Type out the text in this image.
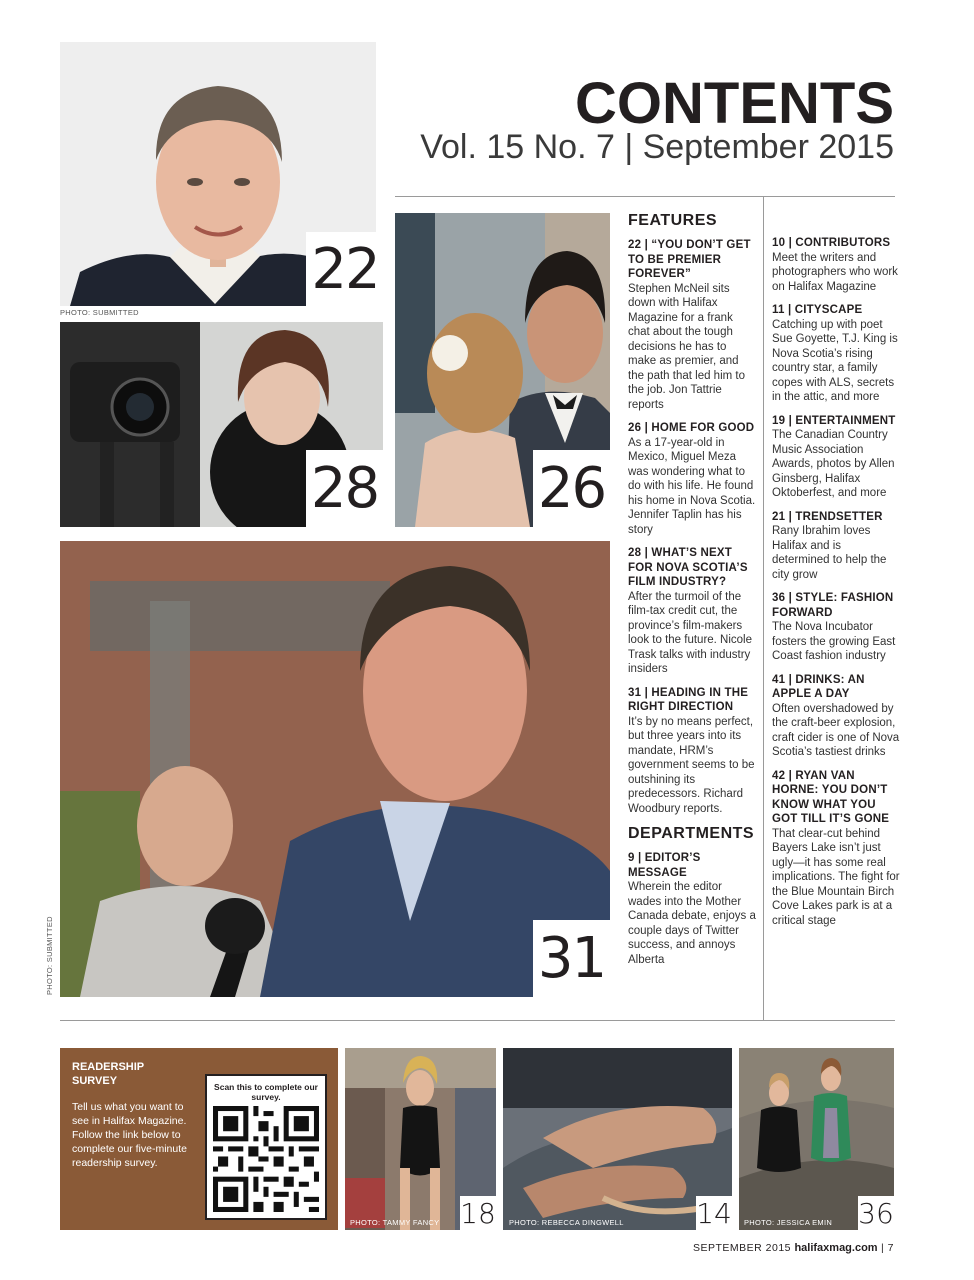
22
PHOTO: SUBMITTED
28	26
PHOTO: SUBMITTED	31
CONTENTS
Vol. 15 No. 7 | September 2015
FEATURES
22 | “YOU DON’T GET TO BE PREMIER FOREVER”
Stephen McNeil sits down with Halifax Magazine for a frank chat about the tough decisions he has to make as premier, and the path that led him to the job. Jon Tattrie reports
26 | HOME FOR GOOD
As a 17-year-old in Mexico, Miguel Meza was wondering what to do with his life. He found his home in Nova Scotia. Jennifer Taplin has his story
28 | WHAT’S NEXT FOR NOVA SCOTIA’S FILM INDUSTRY?
After the turmoil of the film-tax credit cut, the province’s film-makers look to the future. Nicole Trask talks with industry insiders
31 | HEADING IN THE RIGHT DIRECTION
It’s by no means perfect, but three years into its mandate, HRM’s government seems to be outshining its predecessors. Richard Woodbury reports.
DEPARTMENTS
9 | EDITOR’S MESSAGE
Wherein the editor wades into the Mother Canada debate, enjoys a couple days of Twitter success, and annoys Alberta
10 | CONTRIBUTORS
Meet the writers and photographers who work on Halifax Magazine
11 | CITYSCAPE
Catching up with poet Sue Goyette, T.J. King is Nova Scotia’s rising country star, a family copes with ALS, secrets in the attic, and more
19 | ENTERTAINMENT
The Canadian Country Music Association Awards, photos by Allen Ginsberg, Halifax Oktoberfest, and more
21 | TRENDSETTER
Rany Ibrahim loves Halifax and is determined to help the city grow
36 | STYLE: FASHION FORWARD
The Nova Incubator fosters the growing East Coast fashion industry
41 | DRINKS: AN APPLE A DAY
Often overshadowed by the craft-beer explosion, craft cider is one of Nova Scotia’s tastiest drinks
42 | RYAN VAN HORNE: YOU DON’T KNOW WHAT YOU GOT TILL IT’S GONE
That clear-cut behind Bayers Lake isn’t just ugly—it has some real implications. The fight for the Blue Mountain Birch Cove Lakes park is at a critical stage
READERSHIP SURVEY
Tell us what you want to see in Halifax Magazine. Follow the link below to complete our five-minute readership survey.
Scan this to complete our survey.
PHOTO: TAMMY FANCY 18 PHOTO: REBECCA DINGWELL	14 PHOTO: JESSICA EMIN 36
SEPTEMBER 2015 halifaxmag.com | 7
